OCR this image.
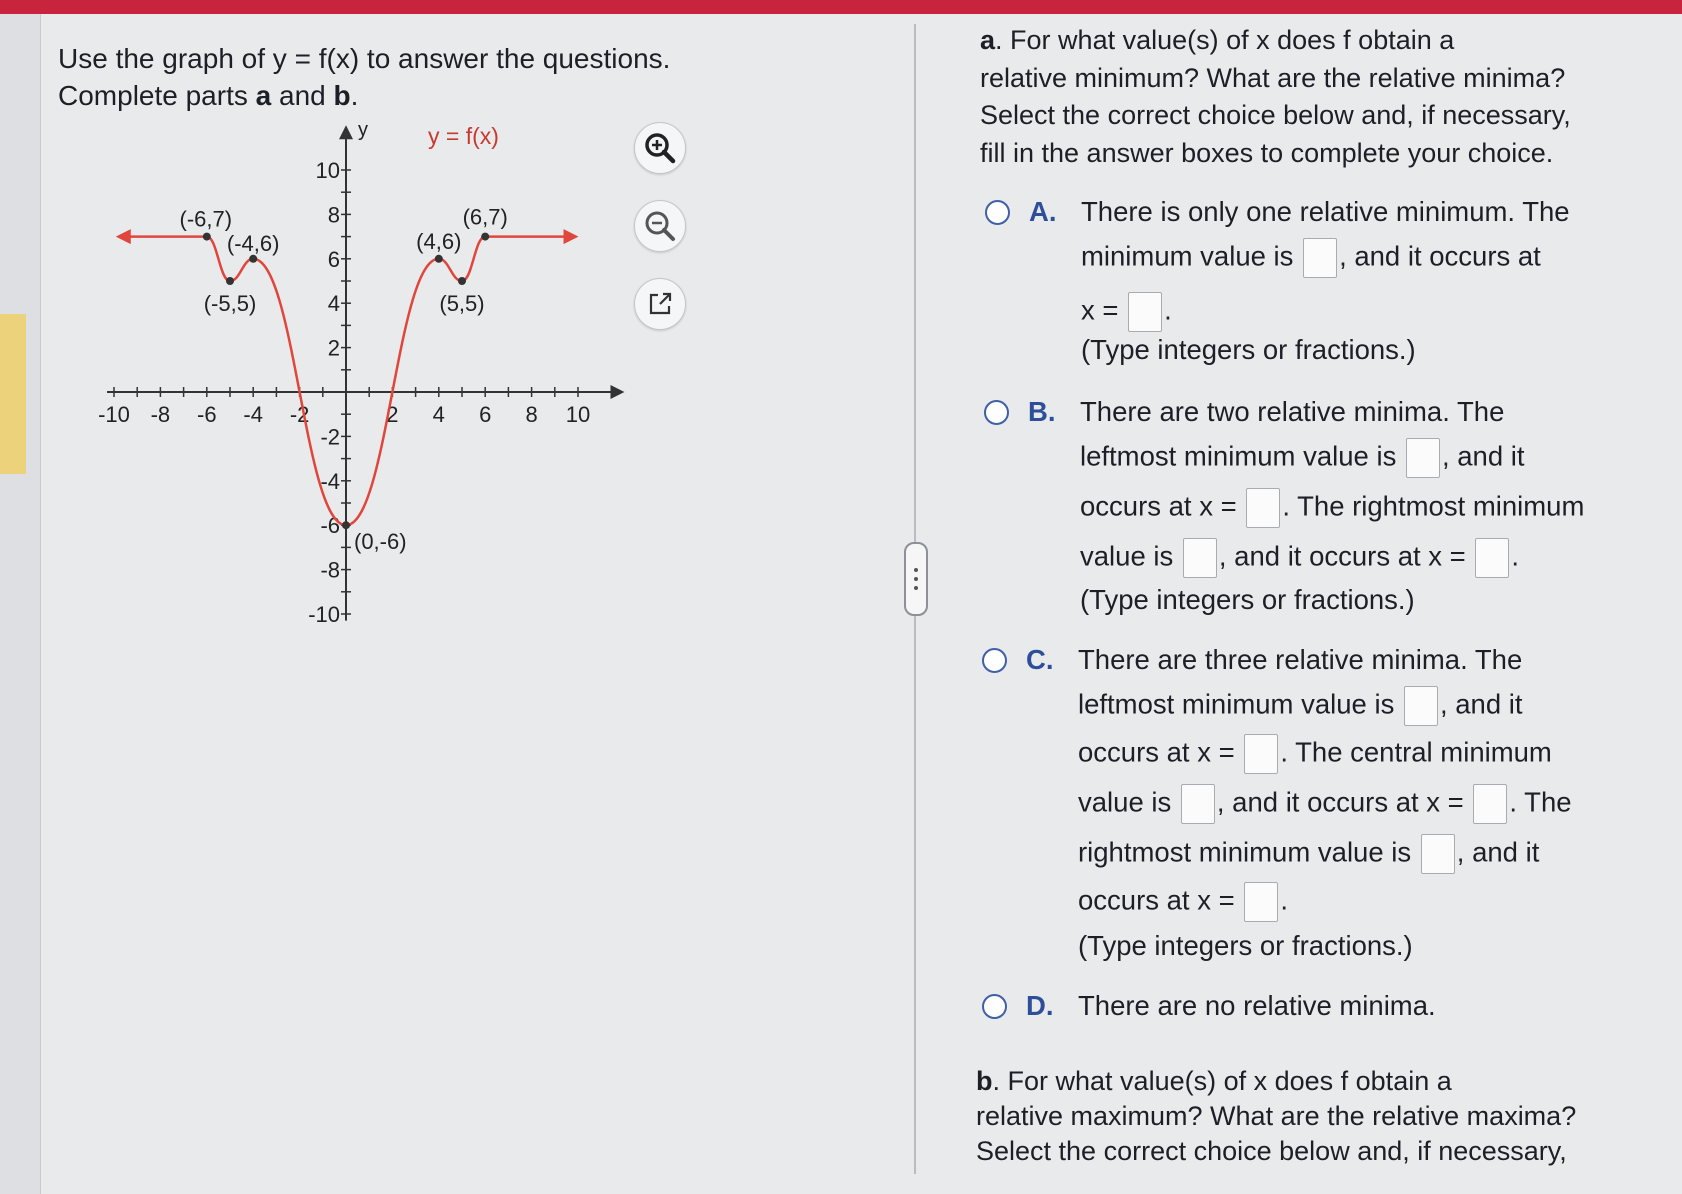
Use the graph of y = f(x) to answer the questions.
Complete parts a and b.
-10 -8 -6 -4 -2	2 4 6 8 10
10
8
6
4
2
-2
-4
-6
-8
-10
(-6,7)
(-4,6)
(-5,5)
(4,6)
(6,7)
(5,5)
(0,-6)
y = f(x)
y
a. For what value(s) of x does f obtain a
relative minimum? What are the relative minima?
Select the correct choice below and, if necessary,
fill in the answer boxes to complete your choice.
A. There is only one relative minimum. The
minimum value is , and it occurs at
x = .
(Type integers or fractions.)
B. There are two relative minima. The
leftmost minimum value is , and it
occurs at x = . The rightmost minimum
value is , and it occurs at x = .
(Type integers or fractions.)
C. There are three relative minima. The
leftmost minimum value is , and it
occurs at x = . The central minimum
value is , and it occurs at x = . The
rightmost minimum value is , and it
occurs at x = .
(Type integers or fractions.)
D. There are no relative minima.
b. For what value(s) of x does f obtain a
relative maximum? What are the relative maxima?
Select the correct choice below and, if necessary,
